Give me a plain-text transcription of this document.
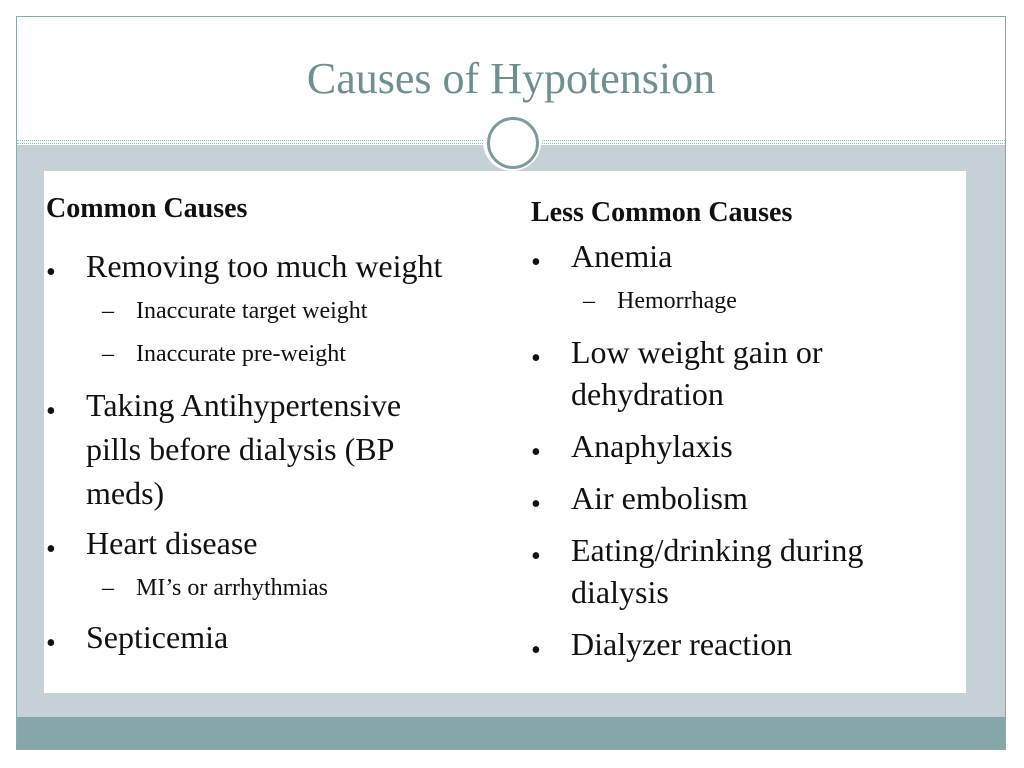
Causes of Hypotension
Common Causes
• Removing too much weight
– Inaccurate target weight
– Inaccurate pre-weight
• Taking Antihypertensive
pills before dialysis (BP
meds)
• Heart disease
– MI’s or arrhythmias
• Septicemia
Less Common Causes
• Anemia
– Hemorrhage
• Low weight gain or
dehydration
• Anaphylaxis
• Air embolism
• Eating/drinking during
dialysis
• Dialyzer reaction
